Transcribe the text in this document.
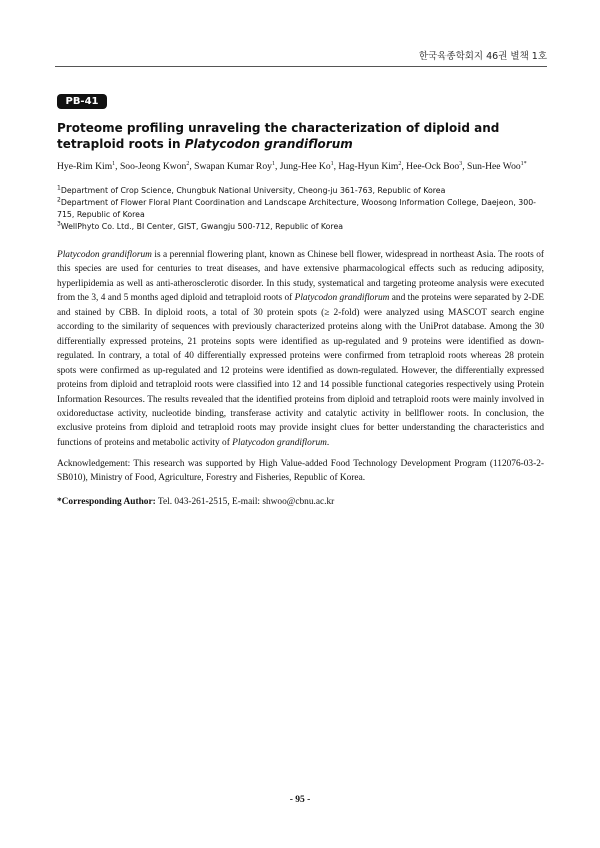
한국육종학회지 46권 별책 1호
PB-41
Proteome profiling unraveling the characterization of diploid and tetraploid roots in Platycodon grandiflorum
Hye-Rim Kim$^1$, Soo-Jeong Kwon$^2$, Swapan Kumar Roy$^1$, Jung-Hee Ko$^1$, Hag-Hyun Kim$^2$, Hee-Ock Boo$^3$, Sun-Hee Woo$^{1*}$

$^1$Department of Crop Science, Chungbuk National University, Cheong-ju 361-763, Republic of Korea

$^2$Department of Flower Floral Plant Coordination and Landscape Architecture, Woosong Information College, Daejeon, 300-715, Republic of Korea

$^3$WellPhyto Co. Ltd., BI Center, GIST, Gwangju 500-712, Republic of Korea

Platycodon grandiflorum is a perennial flowering plant, known as Chinese bell flower, widespread in northeast Asia. The roots of this species are used for centuries to treat diseases, and have extensive pharmacological effects such as reducing adiposity, hyperlipidemia as well as anti-atherosclerotic disorder. In this study, systematical and targeting proteome analysis were executed from the 3, 4 and 5 months aged diploid and tetraploid roots of Platycodon grandiflorum and the proteins were separated by 2-DE and stained by CBB. In diploid roots, a total of 30 protein spots (≥ 2-fold) were analyzed using MASCOT search engine according to the similarity of sequences with previously characterized proteins along with the UniProt database. Among the 30 differentially expressed proteins, 21 proteins sopts were identified as up-regulated and 9 proteins were identified as down-regulated. In contrary, a total of 40 differentially expressed proteins were confirmed from tetraploid roots whereas 28 protein spots were confirmed as up-regulated and 12 proteins were identified as down-regulated. However, the differentially expressed proteins from diploid and tetraploid roots were classified into 12 and 14 possible functional categories respectively using Protein Information Resources. The results revealed that the identified proteins from diploid and tetraploid roots were mainly involved in oxidoreductase activity, nucleotide binding, transferase activity and catalytic activity in bellflower roots. In conclusion, the exclusive proteins from diploid and tetraploid roots may provide insight clues for better understanding the characteristics and functions of proteins and metabolic activity of Platycodon grandiflorum.

Acknowledgement: This research was supported by High Value-added Food Technology Development Program (112076-03-2-SB010), Ministry of Food, Agriculture, Forestry and Fisheries, Republic of Korea.

*Corresponding Author: Tel. 043-261-2515, E-mail: shwoo@cbnu.ac.kr

- 95 -
